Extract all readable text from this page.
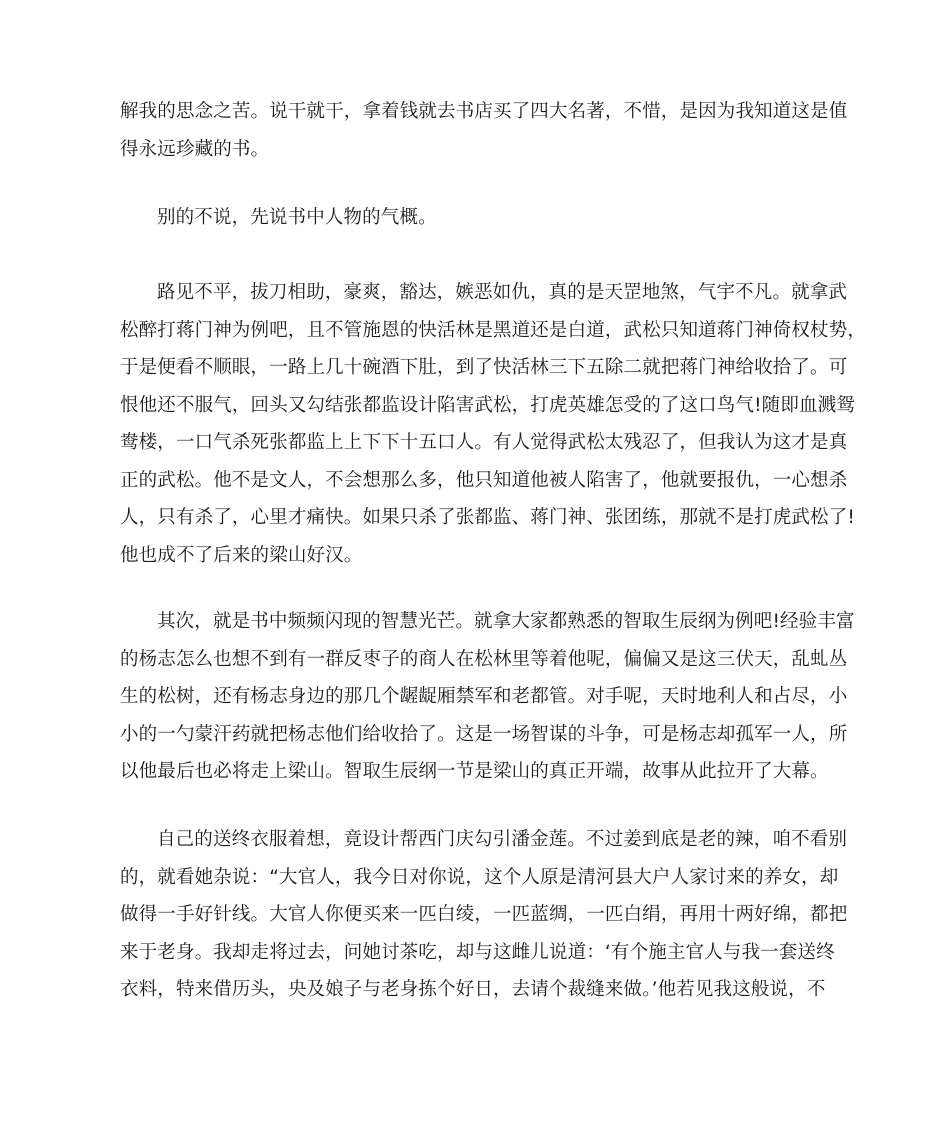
解我的思念之苦。说干就干，拿着钱就去书店买了四大名著，不惜，是因为我知道这是值
得永远珍藏的书。
别的不说，先说书中人物的气概。
路见不平，拔刀相助，豪爽，豁达，嫉恶如仇，真的是天罡地煞，气宇不凡。就拿武
松醉打蒋门神为例吧，且不管施恩的快活林是黑道还是白道，武松只知道蒋门神倚权杖势，
于是便看不顺眼，一路上几十碗酒下肚，到了快活林三下五除二就把蒋门神给收拾了。可
恨他还不服气，回头又勾结张都监设计陷害武松，打虎英雄怎受的了这口鸟气!随即血溅鸳
鸯楼，一口气杀死张都监上上下下十五口人。有人觉得武松太残忍了，但我认为这才是真
正的武松。他不是文人，不会想那么多，他只知道他被人陷害了，他就要报仇，一心想杀
人，只有杀了，心里才痛快。如果只杀了张都监、蒋门神、张团练，那就不是打虎武松了!
他也成不了后来的梁山好汉。
其次，就是书中频频闪现的智慧光芒。就拿大家都熟悉的智取生辰纲为例吧!经验丰富
的杨志怎么也想不到有一群反枣子的商人在松林里等着他呢，偏偏又是这三伏天，乱虬丛
生的松树，还有杨志身边的那几个龌龊厢禁军和老都管。对手呢，天时地利人和占尽，小
小的一勺蒙汗药就把杨志他们给收拾了。这是一场智谋的斗争，可是杨志却孤军一人，所
以他最后也必将走上梁山。智取生辰纲一节是梁山的真正开端，故事从此拉开了大幕。
自己的送终衣服着想，竟设计帮西门庆勾引潘金莲。不过姜到底是老的辣，咱不看别
的，就看她杂说：“大官人，我今日对你说，这个人原是清河县大户人家讨来的养女，却
做得一手好针线。大官人你便买来一匹白绫，一匹蓝绸，一匹白绢，再用十两好绵，都把
来于老身。我却走将过去，问她讨茶吃，却与这雌儿说道：‘有个施主官人与我一套送终
衣料，特来借历头，央及娘子与老身拣个好日，去请个裁缝来做。’他若见我这般说，不
